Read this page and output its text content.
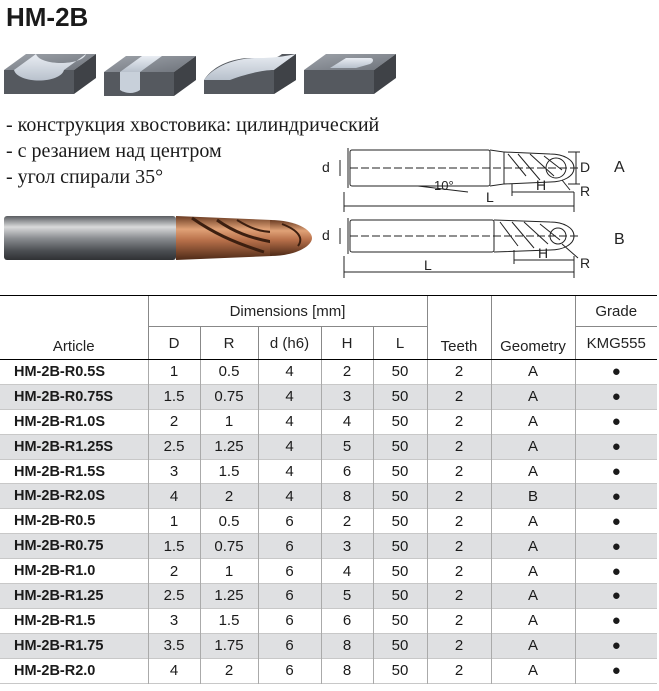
HM-2B
- конструкция хвостовика: цилиндрический
- с резанием над центром
- угол спирали 35°	d	D
R
H
L
10°
A
d
H
R
L
B
Article	Dimensions [mm]					Teeth	Geometry	Grade
	D	R	d (h6)	H	L			KMG555
HM-2B-R0.5S	1	0.5	4	2	50	2	A	●
HM-2B-R0.75S	1.5	0.75	4	3	50	2	A	●
HM-2B-R1.0S	2	1	4	4	50	2	A	●
HM-2B-R1.25S	2.5	1.25	4	5	50	2	A	●
HM-2B-R1.5S	3	1.5	4	6	50	2	A	●
HM-2B-R2.0S	4	2	4	8	50	2	B	●
HM-2B-R0.5	1	0.5	6	2	50	2	A	●
HM-2B-R0.75	1.5	0.75	6	3	50	2	A	●
HM-2B-R1.0	2	1	6	4	50	2	A	●
HM-2B-R1.25	2.5	1.25	6	5	50	2	A	●
HM-2B-R1.5	3	1.5	6	6	50	2	A	●
HM-2B-R1.75	3.5	1.75	6	8	50	2	A	●
HM-2B-R2.0	4	2	6	8	50	2	A	●
